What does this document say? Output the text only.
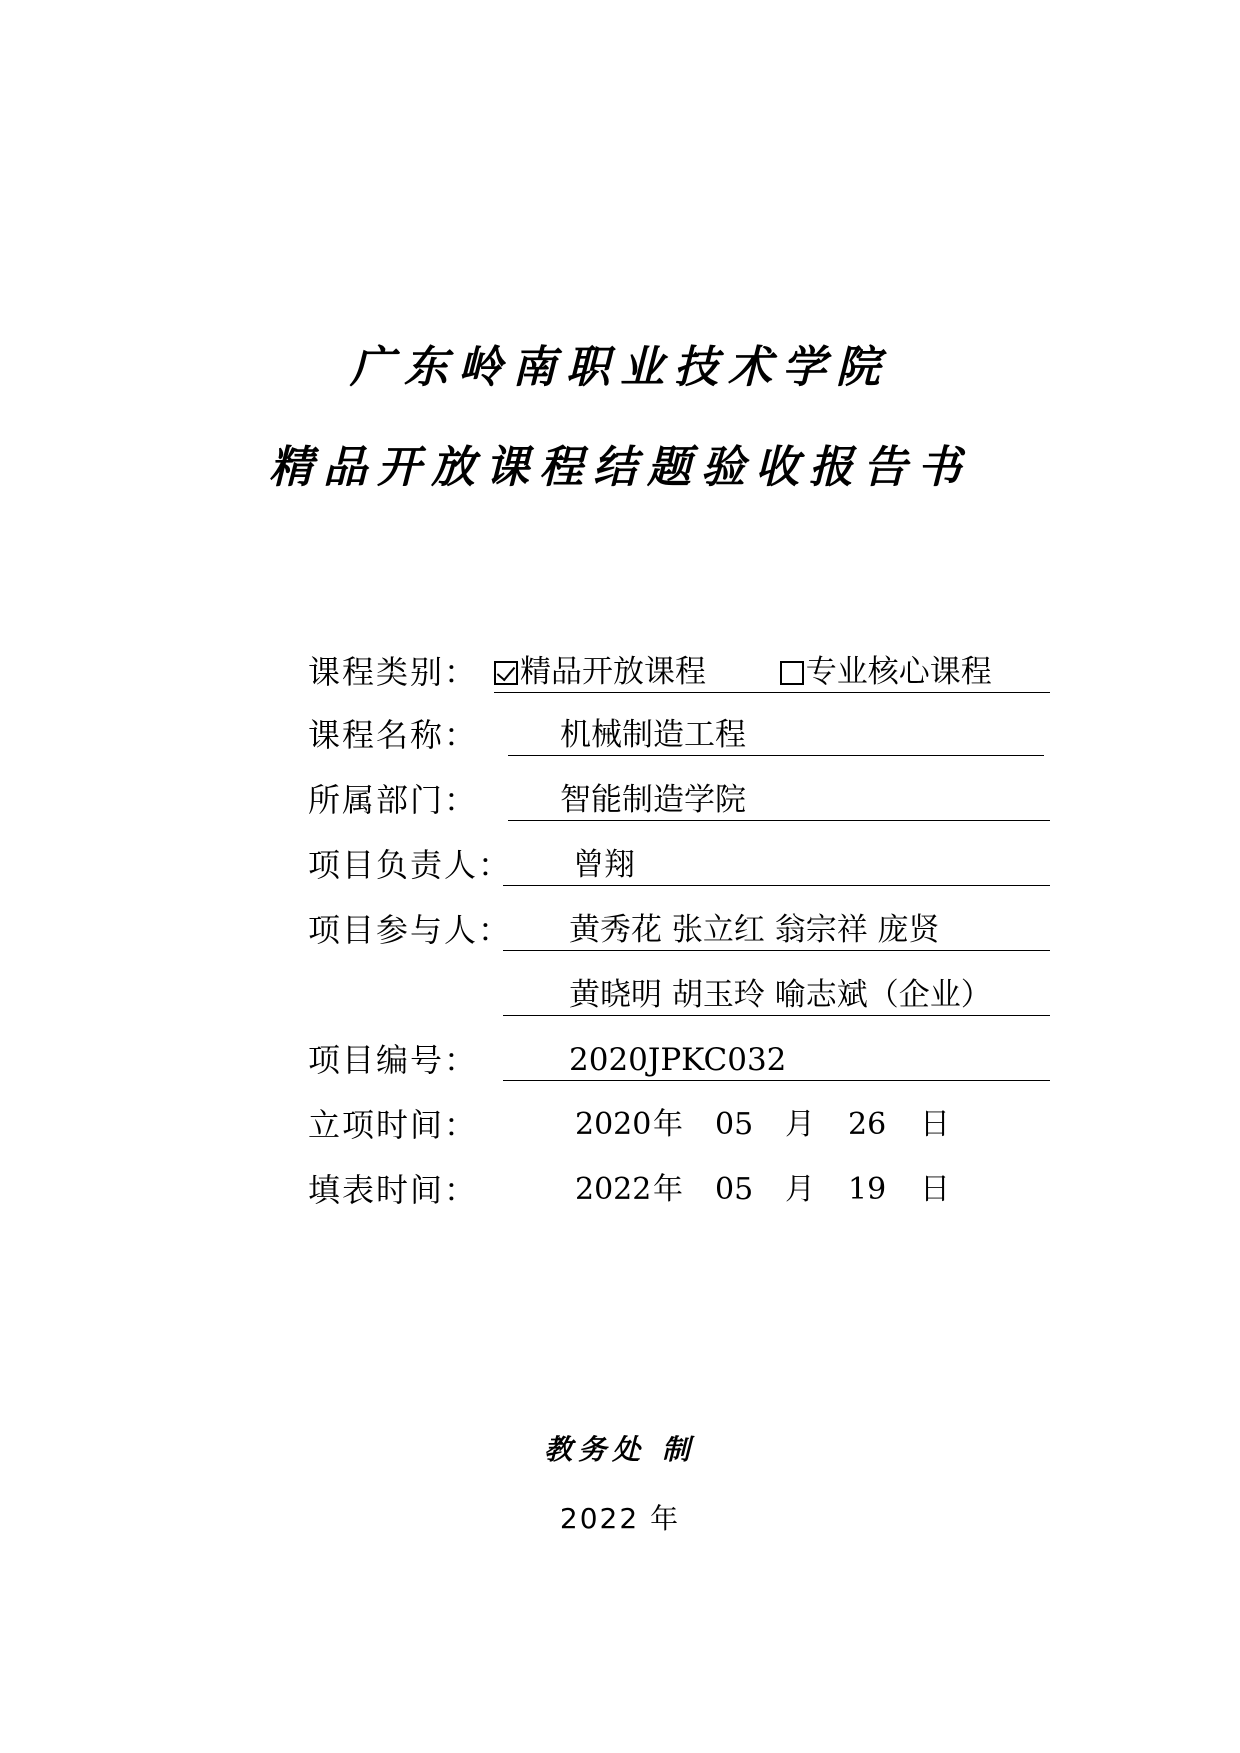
广东岭南职业技术学院
精品开放课程结题验收报告书
课程类别：	精品开放课程	专业核心课程
课程名称：	机械制造工程
所属部门：	智能制造学院
项目负责人：	曾翔
项目参与人：	黄秀花 张立红 翁宗祥 庞贤
黄晓明 胡玉玲 喻志斌（企业）
项目编号：	2020JPKC032
立项时间：	2020 年 05 月 26 日
填表时间：	2022 年 05 月 19 日
教务处 制
2022 年
